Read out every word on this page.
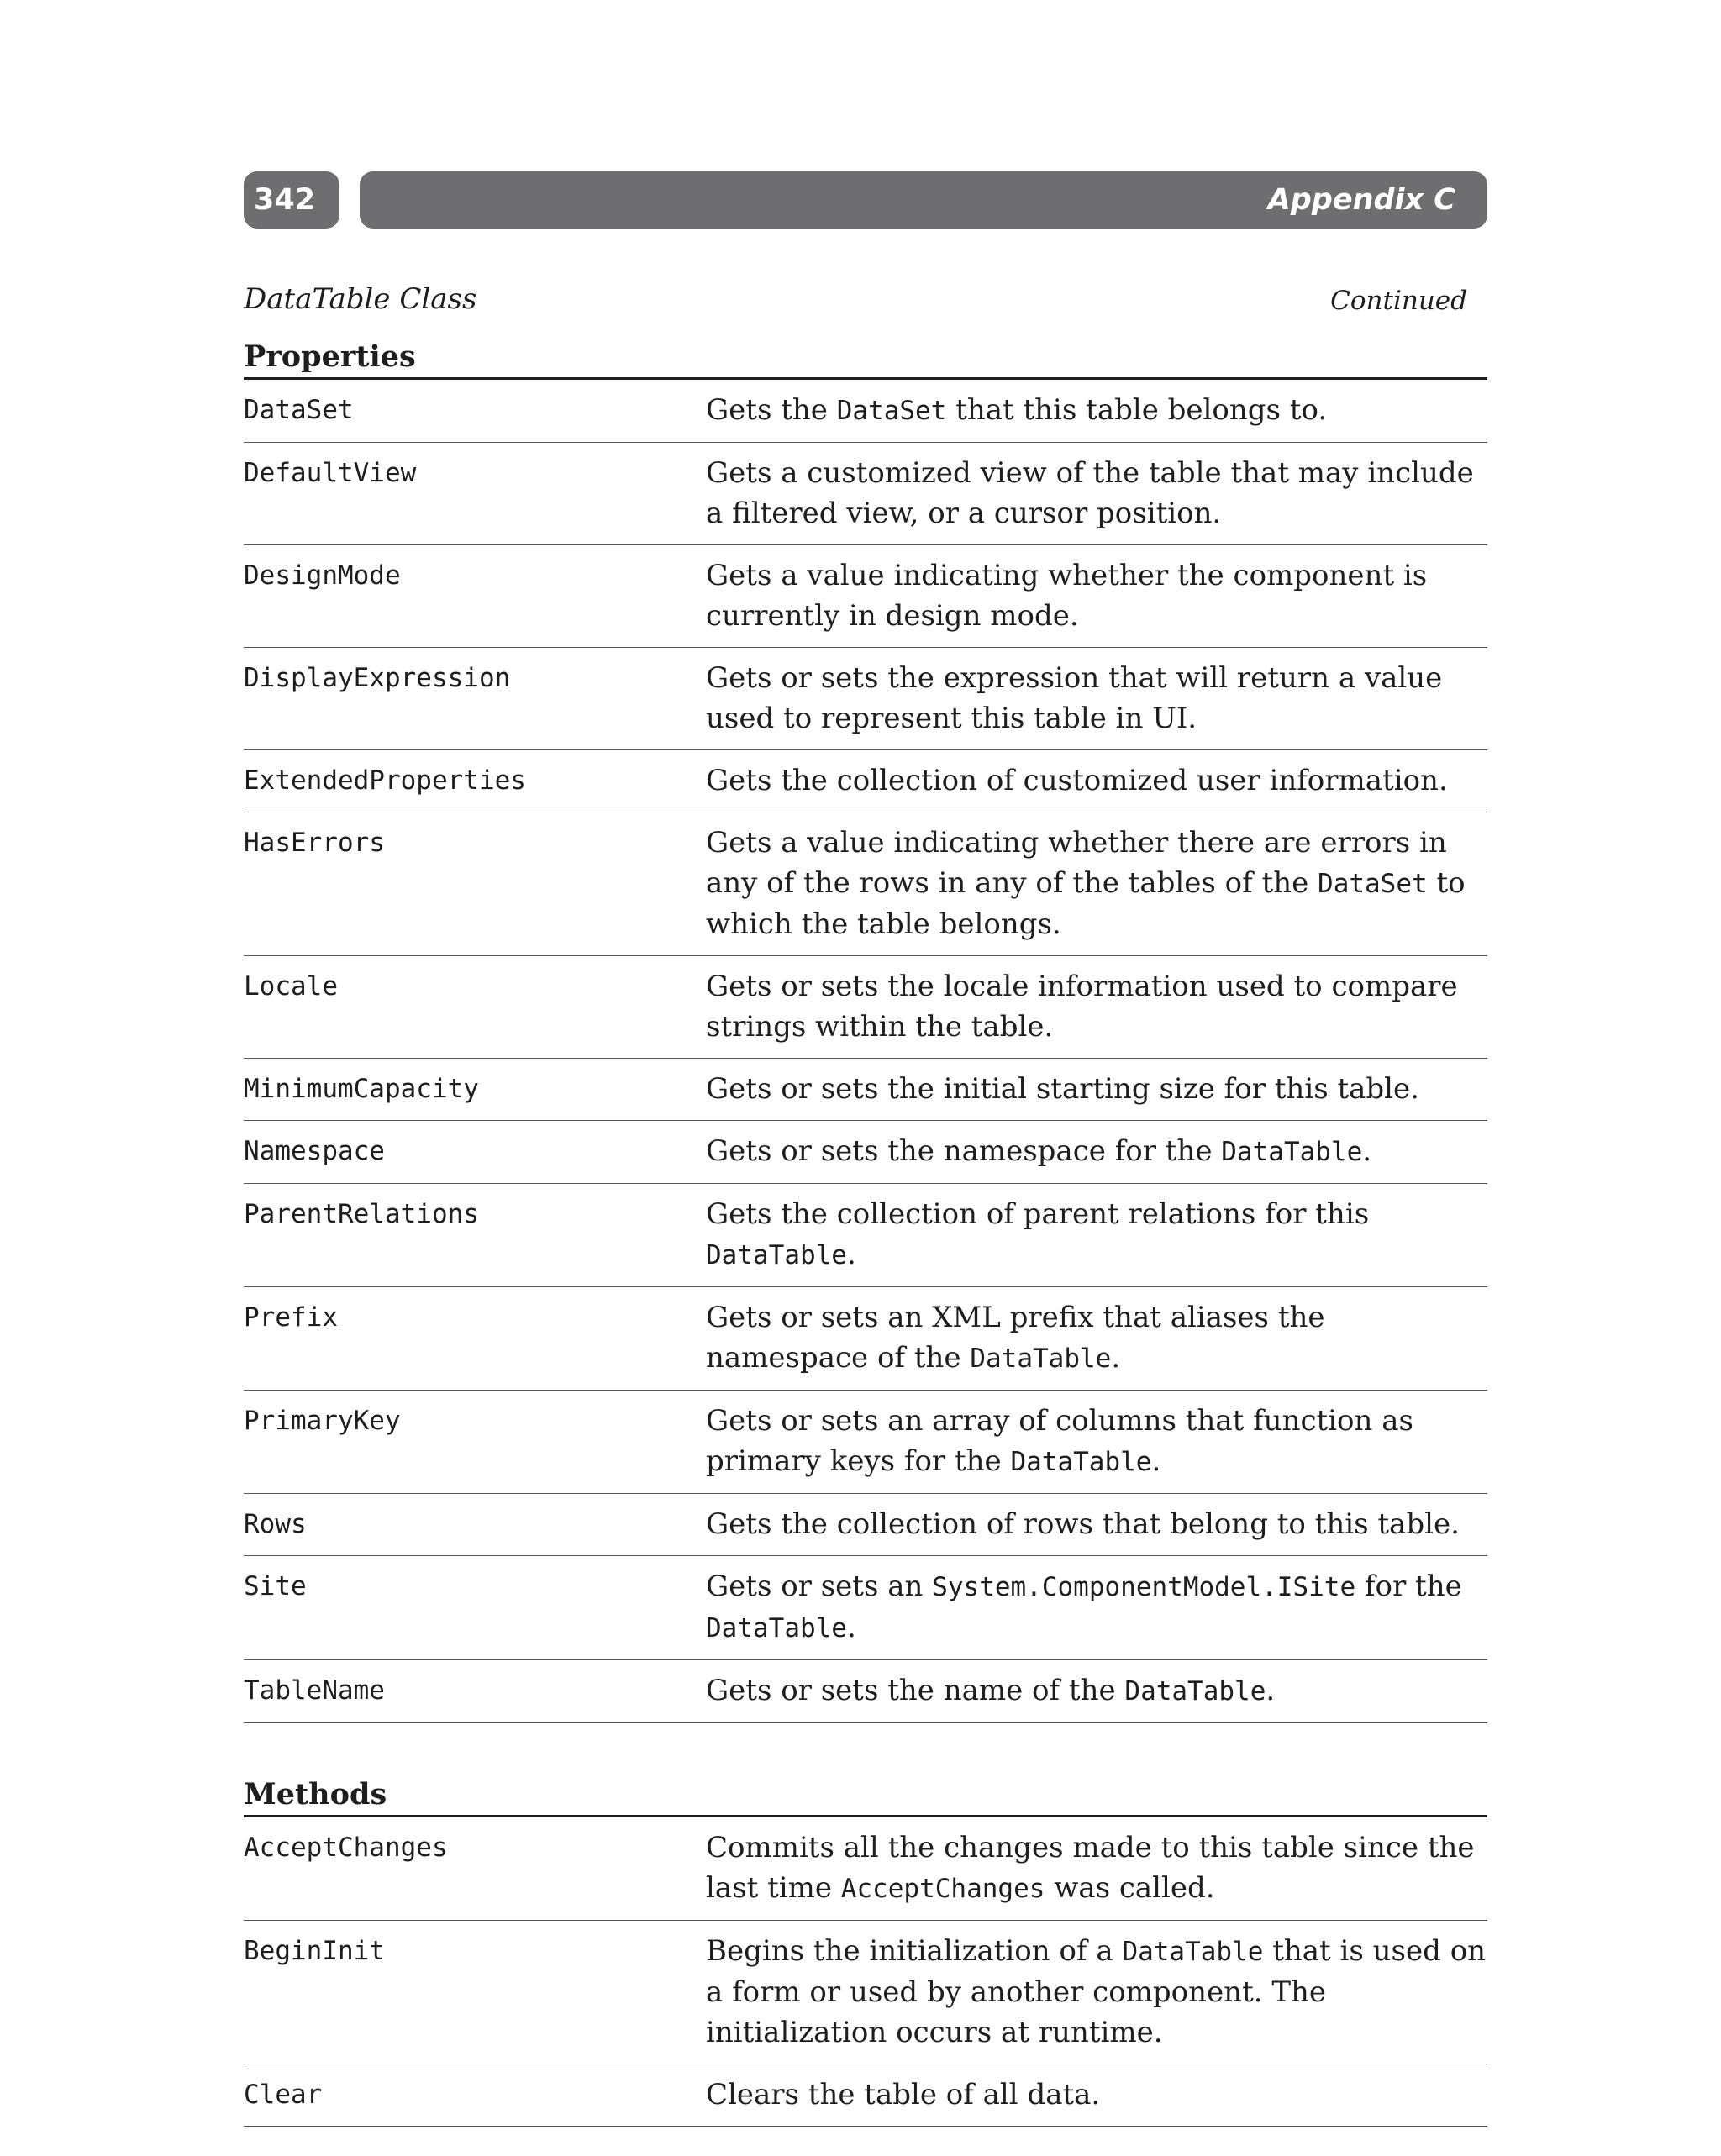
342	Appendix C
DataTable Class	Continued
Properties
DataSet	Gets the DataSet that this table belongs to.
DefaultView	Gets a customized view of the table that may include a filtered view, or a cursor position.
DesignMode	Gets a value indicating whether the component is currently in design mode.
DisplayExpression	Gets or sets the expression that will return a value used to represent this table in UI.
ExtendedProperties	Gets the collection of customized user information.
HasErrors	Gets a value indicating whether there are errors in any of the rows in any of the tables of the DataSet to which the table belongs.
Locale	Gets or sets the locale information used to compare strings within the table.
MinimumCapacity	Gets or sets the initial starting size for this table.
Namespace	Gets or sets the namespace for the DataTable.
ParentRelations	Gets the collection of parent relations for this DataTable.
Prefix	Gets or sets an XML prefix that aliases the namespace of the DataTable.
PrimaryKey	Gets or sets an array of columns that function as primary keys for the DataTable.
Rows	Gets the collection of rows that belong to this table.
Site	Gets or sets an System.ComponentModel.ISite for the DataTable.
TableName	Gets or sets the name of the DataTable.
Methods
AcceptChanges	Commits all the changes made to this table since the last time AcceptChanges was called.
BeginInit	Begins the initialization of a DataTable that is used on a form or used by another component. The initialization occurs at runtime.
Clear	Clears the table of all data.
